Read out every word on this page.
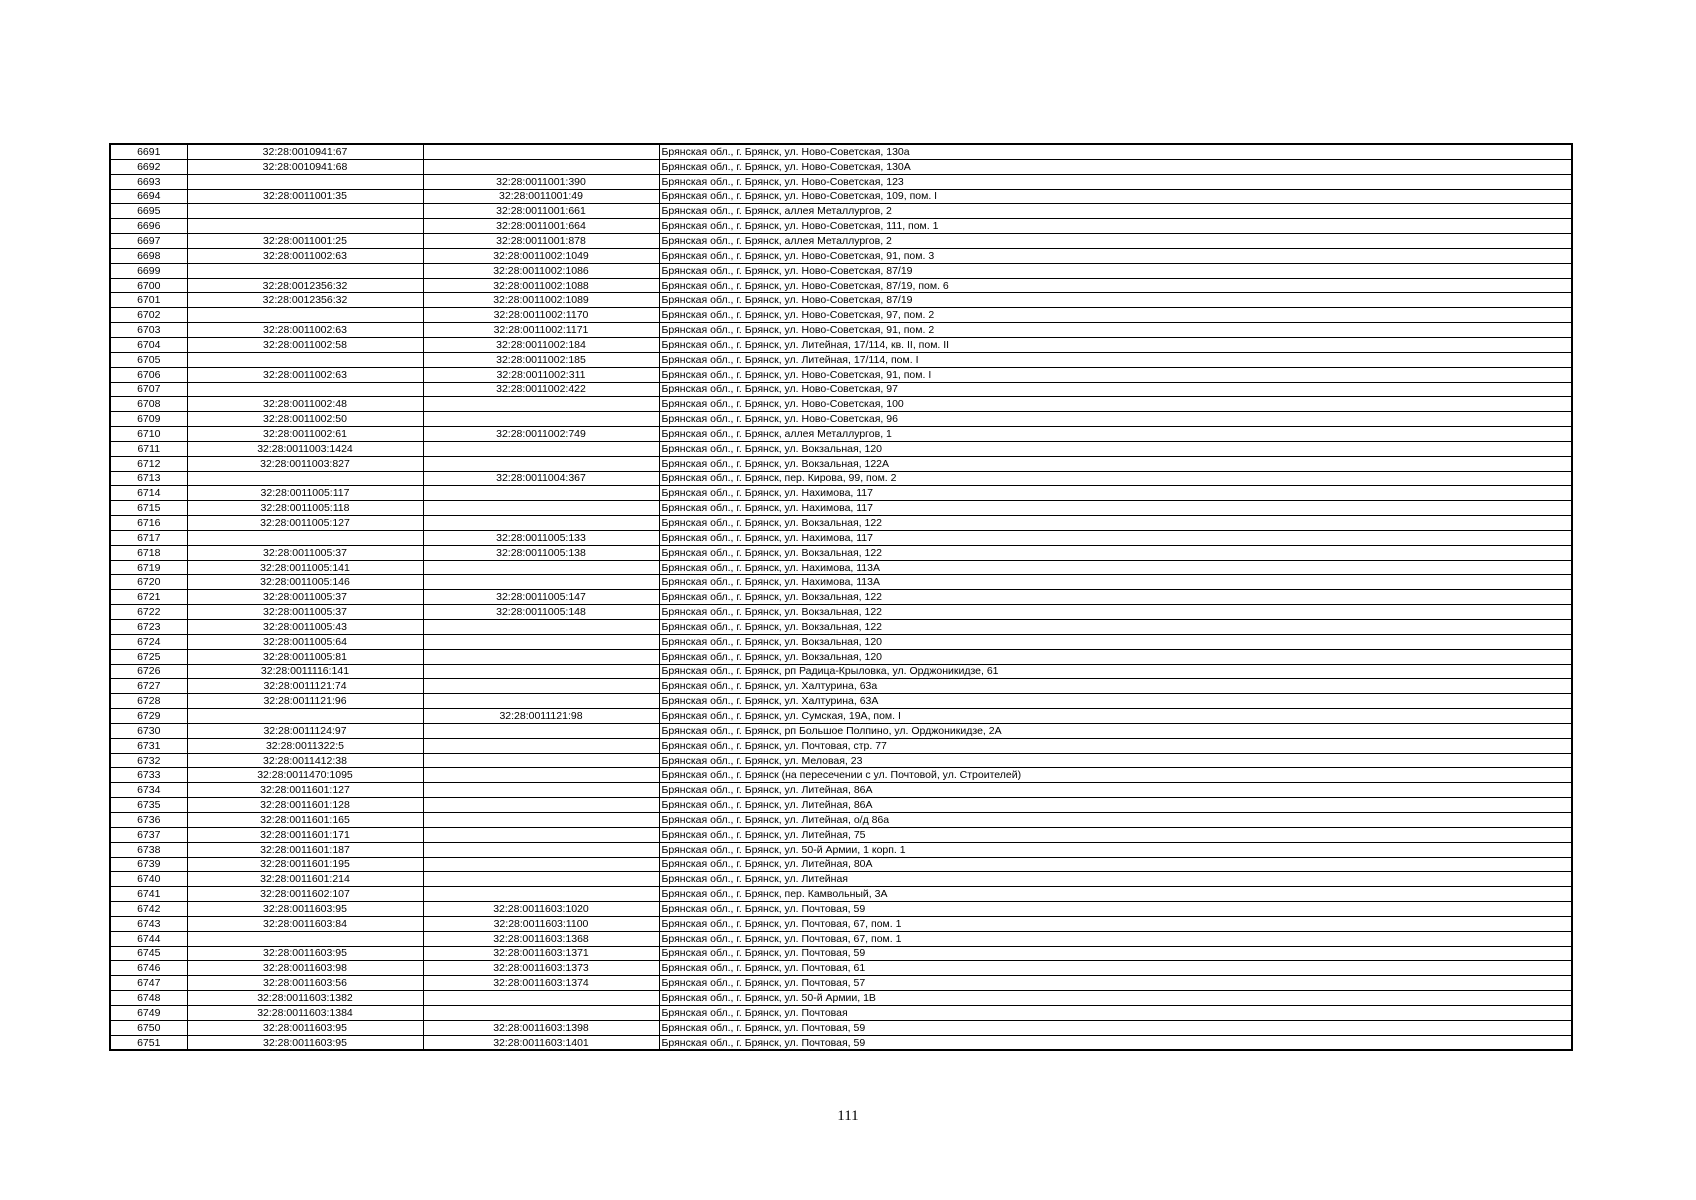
6691	32:28:0010941:67		Брянская обл., г. Брянск, ул. Ново-Советская, 130а
6692	32:28:0010941:68		Брянская обл., г. Брянск, ул. Ново-Советская, 130А
6693		32:28:0011001:390	Брянская обл., г. Брянск, ул. Ново-Советская, 123
6694	32:28:0011001:35	32:28:0011001:49	Брянская обл., г. Брянск, ул. Ново-Советская, 109, пом. I
6695		32:28:0011001:661	Брянская обл., г. Брянск, аллея Металлургов, 2
6696		32:28:0011001:664	Брянская обл., г. Брянск, ул. Ново-Советская, 111, пом. 1
6697	32:28:0011001:25	32:28:0011001:878	Брянская обл., г. Брянск, аллея Металлургов, 2
6698	32:28:0011002:63	32:28:0011002:1049	Брянская обл., г. Брянск, ул. Ново-Советская, 91, пом. 3
6699		32:28:0011002:1086	Брянская обл., г. Брянск, ул. Ново-Советская, 87/19
6700	32:28:0012356:32	32:28:0011002:1088	Брянская обл., г. Брянск, ул. Ново-Советская, 87/19, пом. 6
6701	32:28:0012356:32	32:28:0011002:1089	Брянская обл., г. Брянск, ул. Ново-Советская, 87/19
6702		32:28:0011002:1170	Брянская обл., г. Брянск, ул. Ново-Советская, 97, пом. 2
6703	32:28:0011002:63	32:28:0011002:1171	Брянская обл., г. Брянск, ул. Ново-Советская, 91, пом. 2
6704	32:28:0011002:58	32:28:0011002:184	Брянская обл., г. Брянск, ул. Литейная, 17/114, кв. II, пом. II
6705		32:28:0011002:185	Брянская обл., г. Брянск, ул. Литейная, 17/114, пом. I
6706	32:28:0011002:63	32:28:0011002:311	Брянская обл., г. Брянск, ул. Ново-Советская, 91, пом. I
6707		32:28:0011002:422	Брянская обл., г. Брянск, ул. Ново-Советская, 97
6708	32:28:0011002:48		Брянская обл., г. Брянск, ул. Ново-Советская, 100
6709	32:28:0011002:50		Брянская обл., г. Брянск, ул. Ново-Советская, 96
6710	32:28:0011002:61	32:28:0011002:749	Брянская обл., г. Брянск, аллея Металлургов, 1
6711	32:28:0011003:1424		Брянская обл., г. Брянск, ул. Вокзальная, 120
6712	32:28:0011003:827		Брянская обл., г. Брянск, ул. Вокзальная, 122А
6713		32:28:0011004:367	Брянская обл., г. Брянск, пер. Кирова, 99, пом. 2
6714	32:28:0011005:117		Брянская обл., г. Брянск, ул. Нахимова, 117
6715	32:28:0011005:118		Брянская обл., г. Брянск, ул. Нахимова, 117
6716	32:28:0011005:127		Брянская обл., г. Брянск, ул. Вокзальная, 122
6717		32:28:0011005:133	Брянская обл., г. Брянск, ул. Нахимова, 117
6718	32:28:0011005:37	32:28:0011005:138	Брянская обл., г. Брянск, ул. Вокзальная, 122
6719	32:28:0011005:141		Брянская обл., г. Брянск, ул. Нахимова, 113А
6720	32:28:0011005:146		Брянская обл., г. Брянск, ул. Нахимова, 113А
6721	32:28:0011005:37	32:28:0011005:147	Брянская обл., г. Брянск, ул. Вокзальная, 122
6722	32:28:0011005:37	32:28:0011005:148	Брянская обл., г. Брянск, ул. Вокзальная, 122
6723	32:28:0011005:43		Брянская обл., г. Брянск, ул. Вокзальная, 122
6724	32:28:0011005:64		Брянская обл., г. Брянск, ул. Вокзальная, 120
6725	32:28:0011005:81		Брянская обл., г. Брянск, ул. Вокзальная, 120
6726	32:28:0011116:141		Брянская обл., г. Брянск, рп Радица-Крыловка, ул. Орджоникидзе, 61
6727	32:28:0011121:74		Брянская обл., г. Брянск, ул. Халтурина, 63а
6728	32:28:0011121:96		Брянская обл., г. Брянск, ул. Халтурина, 63А
6729		32:28:0011121:98	Брянская обл., г. Брянск, ул. Сумская, 19А, пом. I
6730	32:28:0011124:97		Брянская обл., г. Брянск, рп Большое Полпино, ул. Орджоникидзе, 2А
6731	32:28:0011322:5		Брянская обл., г. Брянск, ул. Почтовая, стр. 77
6732	32:28:0011412:38		Брянская обл., г. Брянск, ул. Меловая, 23
6733	32:28:0011470:1095		Брянская обл., г. Брянск (на пересечении с ул. Почтовой, ул. Строителей)
6734	32:28:0011601:127		Брянская обл., г. Брянск, ул. Литейная, 86А
6735	32:28:0011601:128		Брянская обл., г. Брянск, ул. Литейная, 86А
6736	32:28:0011601:165		Брянская обл., г. Брянск, ул. Литейная, о/д 86а
6737	32:28:0011601:171		Брянская обл., г. Брянск, ул. Литейная, 75
6738	32:28:0011601:187		Брянская обл., г. Брянск, ул. 50-й Армии, 1 корп. 1
6739	32:28:0011601:195		Брянская обл., г. Брянск, ул. Литейная, 80А
6740	32:28:0011601:214		Брянская обл., г. Брянск, ул. Литейная
6741	32:28:0011602:107		Брянская обл., г. Брянск, пер. Камвольный, 3А
6742	32:28:0011603:95	32:28:0011603:1020	Брянская обл., г. Брянск, ул. Почтовая, 59
6743	32:28:0011603:84	32:28:0011603:1100	Брянская обл., г. Брянск, ул. Почтовая, 67, пом. 1
6744		32:28:0011603:1368	Брянская обл., г. Брянск, ул. Почтовая, 67, пом. 1
6745	32:28:0011603:95	32:28:0011603:1371	Брянская обл., г. Брянск, ул. Почтовая, 59
6746	32:28:0011603:98	32:28:0011603:1373	Брянская обл., г. Брянск, ул. Почтовая, 61
6747	32:28:0011603:56	32:28:0011603:1374	Брянская обл., г. Брянск, ул. Почтовая, 57
6748	32:28:0011603:1382		Брянская обл., г. Брянск, ул. 50-й Армии, 1В
6749	32:28:0011603:1384		Брянская обл., г. Брянск, ул. Почтовая
6750	32:28:0011603:95	32:28:0011603:1398	Брянская обл., г. Брянск, ул. Почтовая, 59
6751	32:28:0011603:95	32:28:0011603:1401	Брянская обл., г. Брянск, ул. Почтовая, 59
111
